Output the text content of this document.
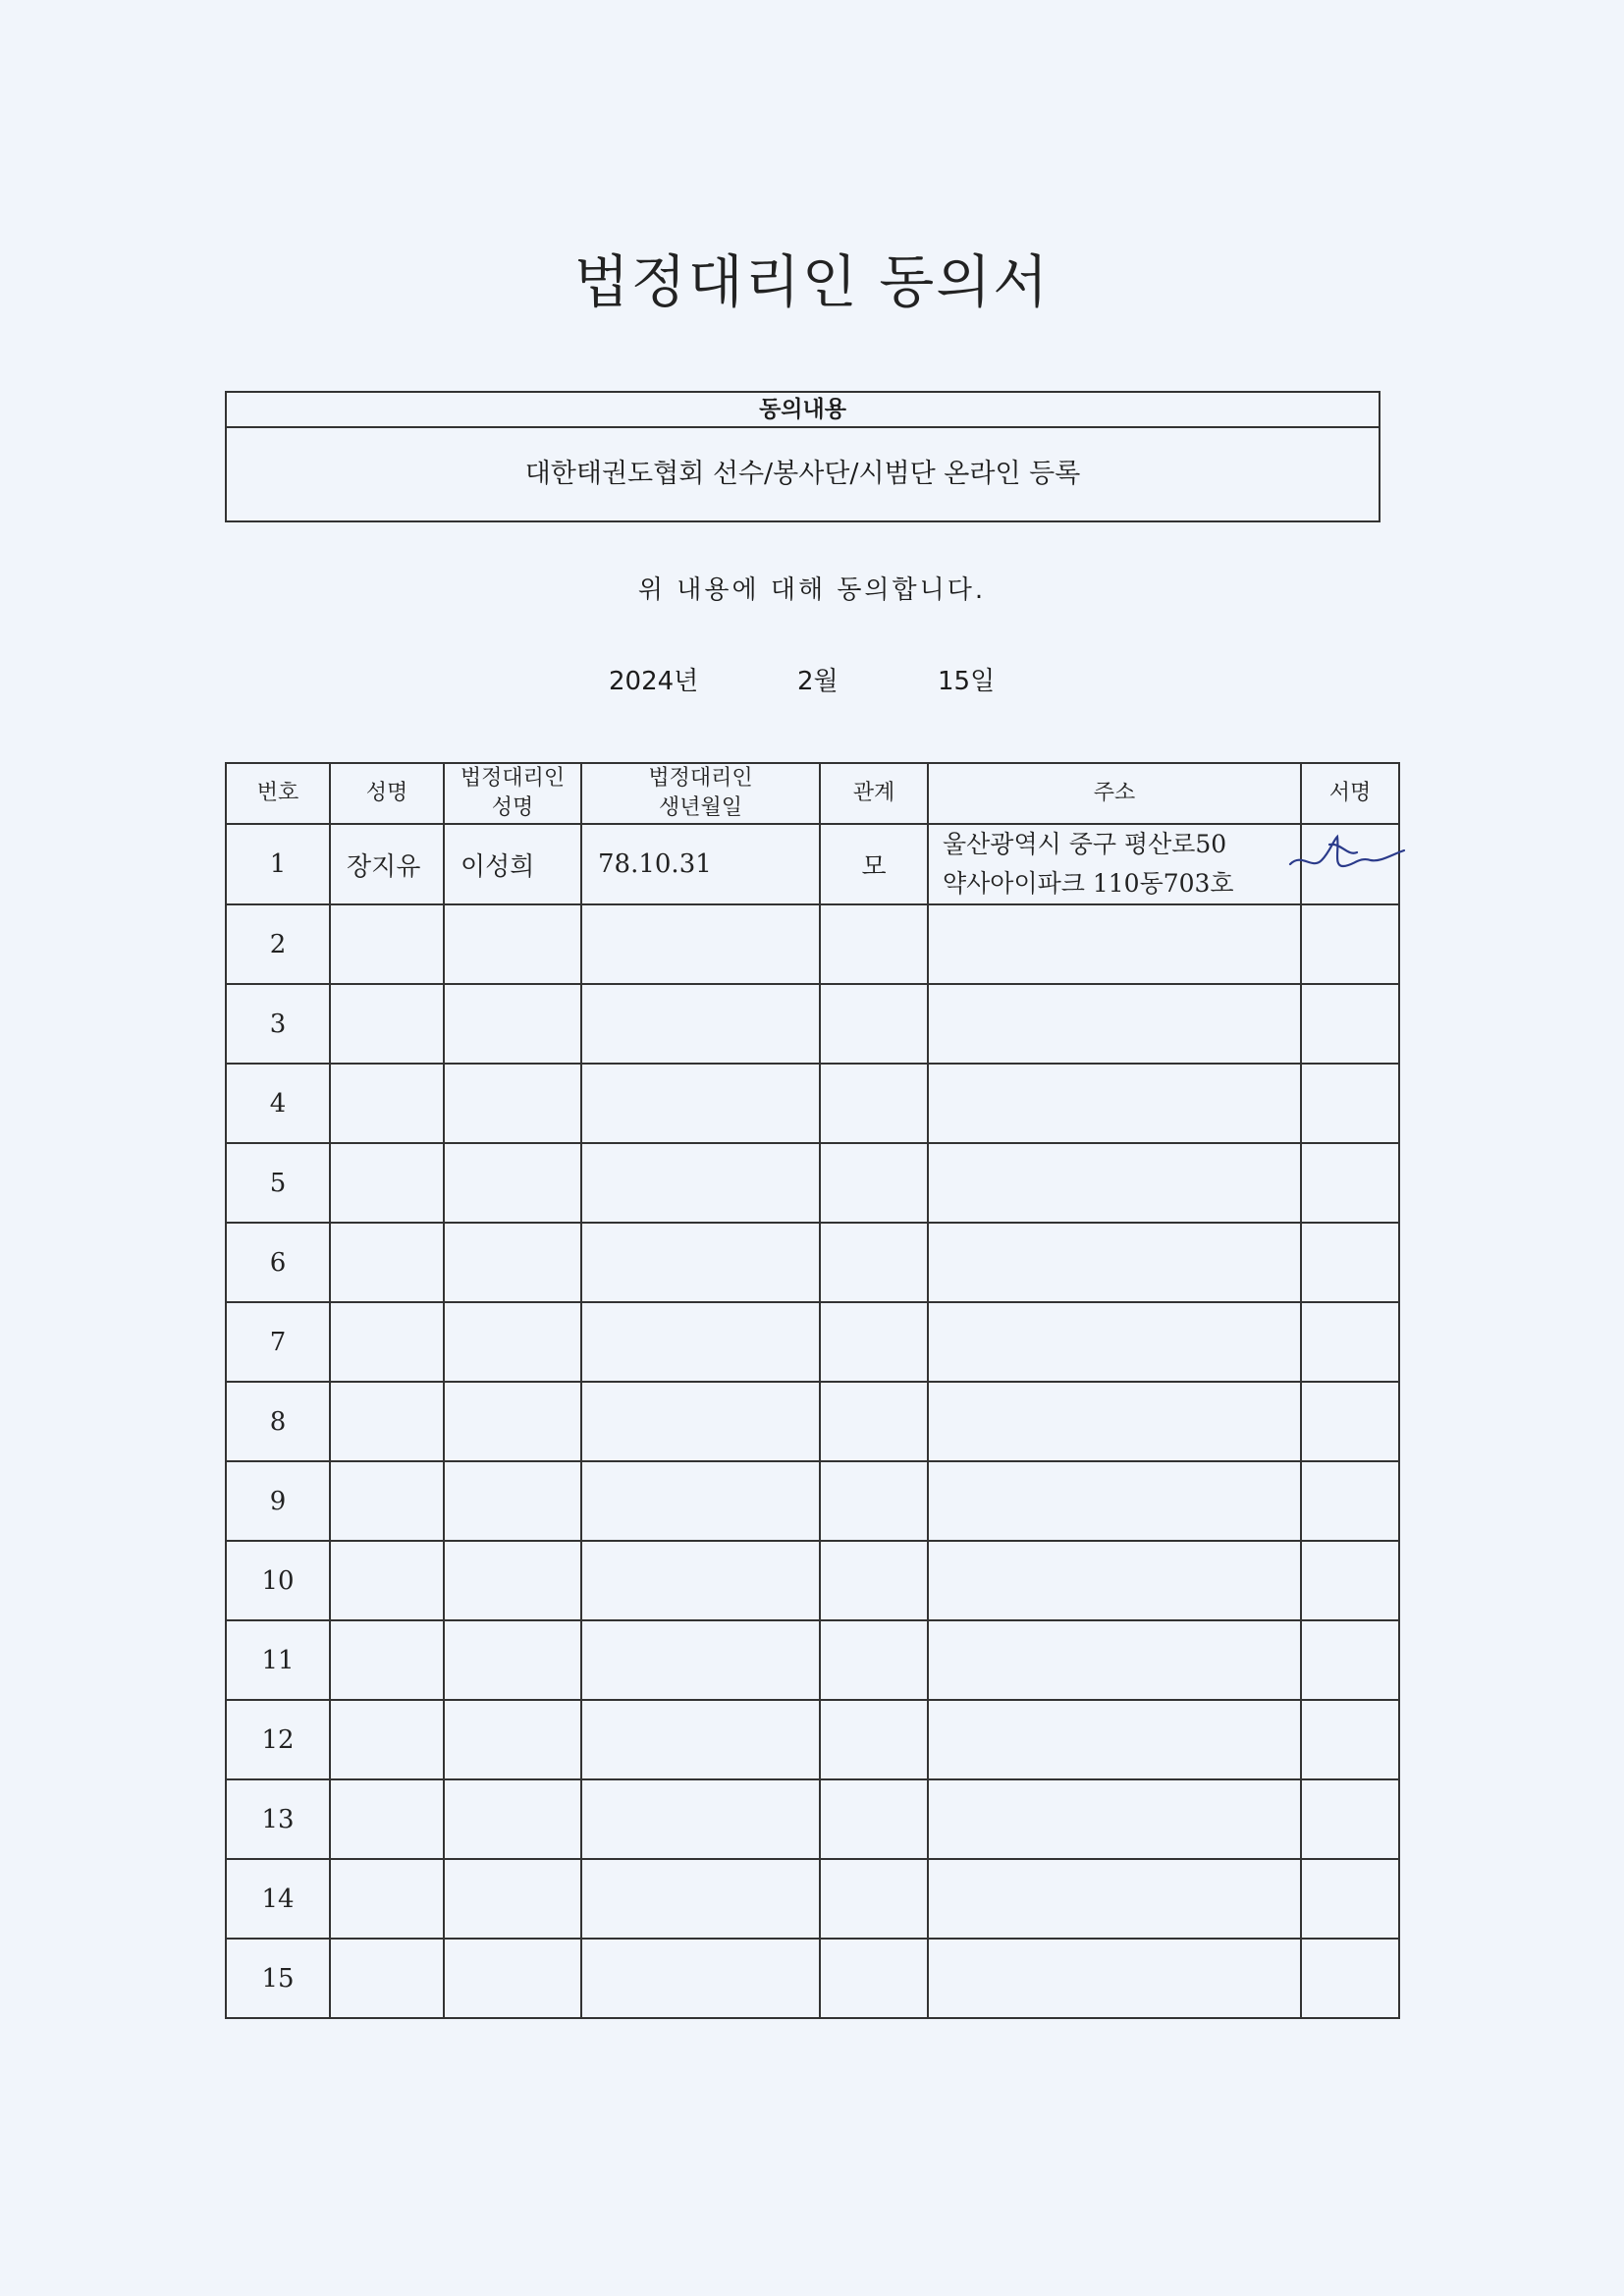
법정대리인 동의서
동의내용
대한태권도협회 선수/봉사단/시범단 온라인 등록
위 내용에 대해 동의합니다.
2024년	2월	15일
번호	성명	법정대리인 성명	법정대리인 생년월일	관계	주소	서명
1	장지유	이성희	78.10.31	모	울산광역시 중구 평산로50
약사아이파크 110동703호

2					

3					

4					

5					

6					

7					

8					

9					

10					

11					

12					

13					

14					

15					
